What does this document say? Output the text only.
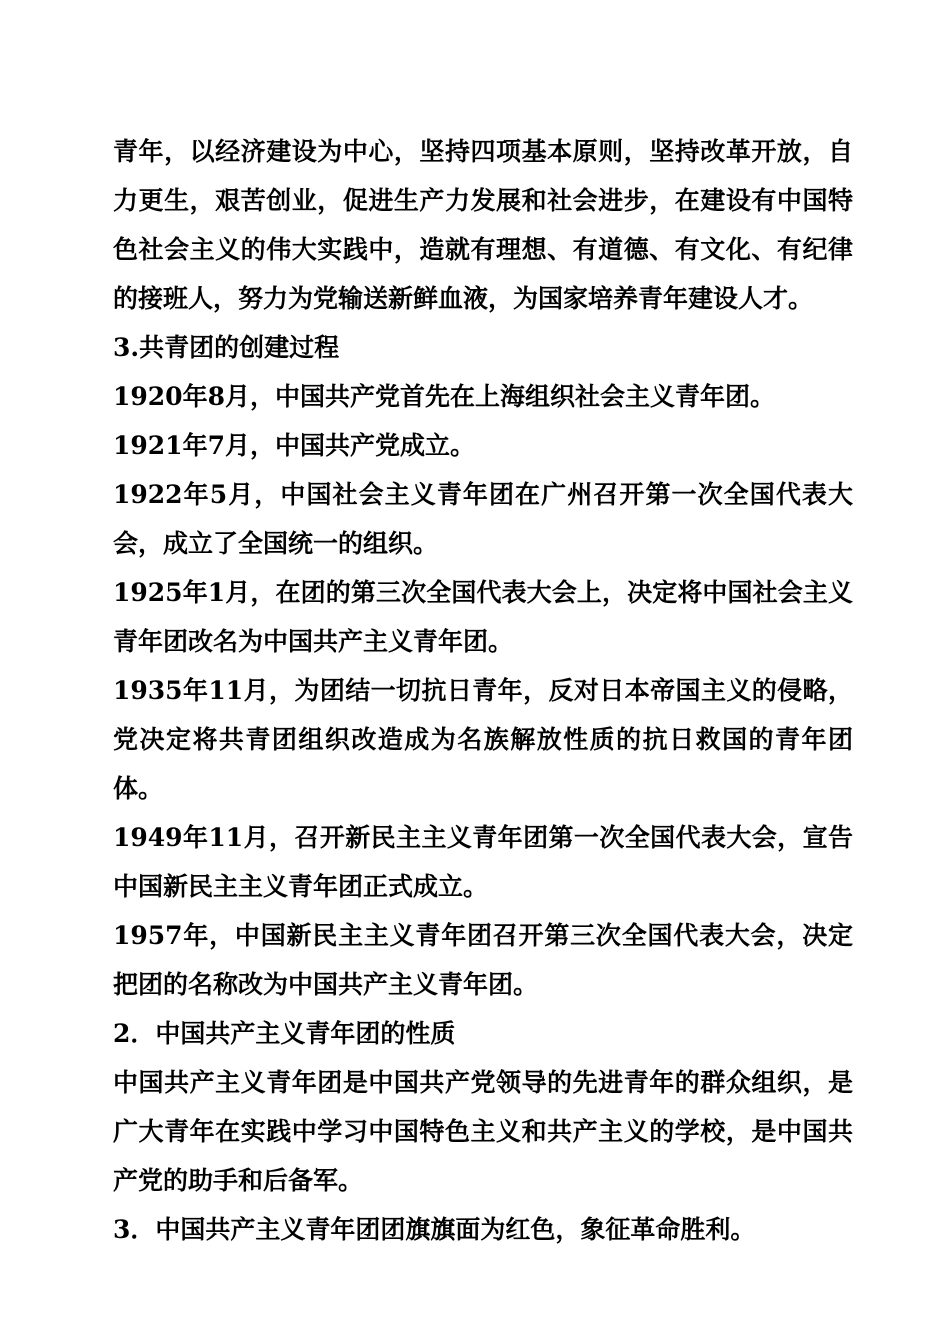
青年，以经济建设为中心，坚持四项基本原则，坚持改革开放，自力更生，艰苦创业，促进生产力发展和社会进步，在建设有中国特色社会主义的伟大实践中，造就有理想、有道德、有文化、有纪律的接班人，努力为党输送新鲜血液，为国家培养青年建设人才。

3.共青团的创建过程

1920年8月，中国共产党首先在上海组织社会主义青年团。

1921年7月，中国共产党成立。

1922年5月，中国社会主义青年团在广州召开第一次全国代表大会，成立了全国统一的组织。

1925年1月，在团的第三次全国代表大会上，决定将中国社会主义青年团改名为中国共产主义青年团。

1935年11月，为团结一切抗日青年，反对日本帝国主义的侵略，党决定将共青团组织改造成为名族解放性质的抗日救国的青年团体。

1949年11月，召开新民主主义青年团第一次全国代表大会，宣告中国新民主主义青年团正式成立。

1957年，中国新民主主义青年团召开第三次全国代表大会，决定把团的名称改为中国共产主义青年团。

2．中国共产主义青年团的性质

中国共产主义青年团是中国共产党领导的先进青年的群众组织，是广大青年在实践中学习中国特色主义和共产主义的学校，是中国共产党的助手和后备军。

3．中国共产主义青年团团旗旗面为红色，象征革命胜利。
